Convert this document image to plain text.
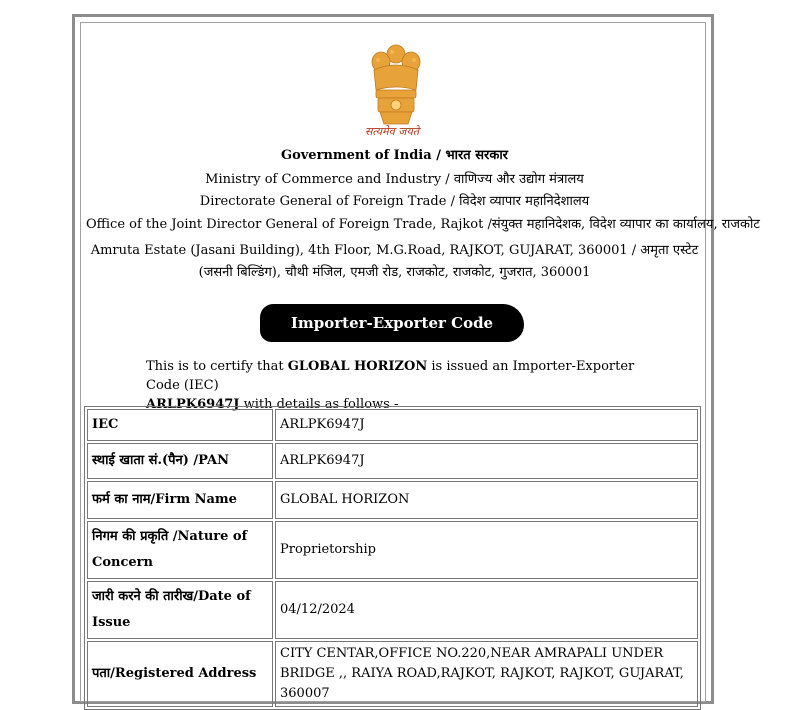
सत्यमेव जयते
Government of India / भारत सरकार
Ministry of Commerce and Industry / वाणिज्य और उद्योग मंत्रालय
Directorate General of Foreign Trade / विदेश व्यापार महानिदेशालय
Office of the Joint Director General of Foreign Trade, Rajkot /संयुक्त महानिदेशक, विदेश व्यापार का कार्यालय, राजकोट
Amruta Estate (Jasani Building), 4th Floor, M.G.Road, RAJKOT, GUJARAT, 360001 / अमृता एस्टेट (जसनी बिल्डिंग), चौथी मंजिल, एमजी रोड, राजकोट, राजकोट, गुजरात, 360001
Importer-Exporter Code
This is to certify that GLOBAL HORIZON is issued an Importer-Exporter Code (IEC)
ARLPK6947J with details as follows -
IEC	ARLPK6947J
स्थाई खाता सं.(पैन) /PAN	ARLPK6947J
फर्म का नाम/Firm Name	GLOBAL HORIZON
निगम की प्रकृति /Nature of Concern	Proprietorship
जारी करने की तारीख/Date of Issue	04/12/2024
पता/Registered Address	CITY CENTAR,OFFICE NO.220,NEAR AMRAPALI UNDER BRIDGE ,, RAIYA ROAD,RAJKOT, RAJKOT, RAJKOT, GUJARAT, 360007
